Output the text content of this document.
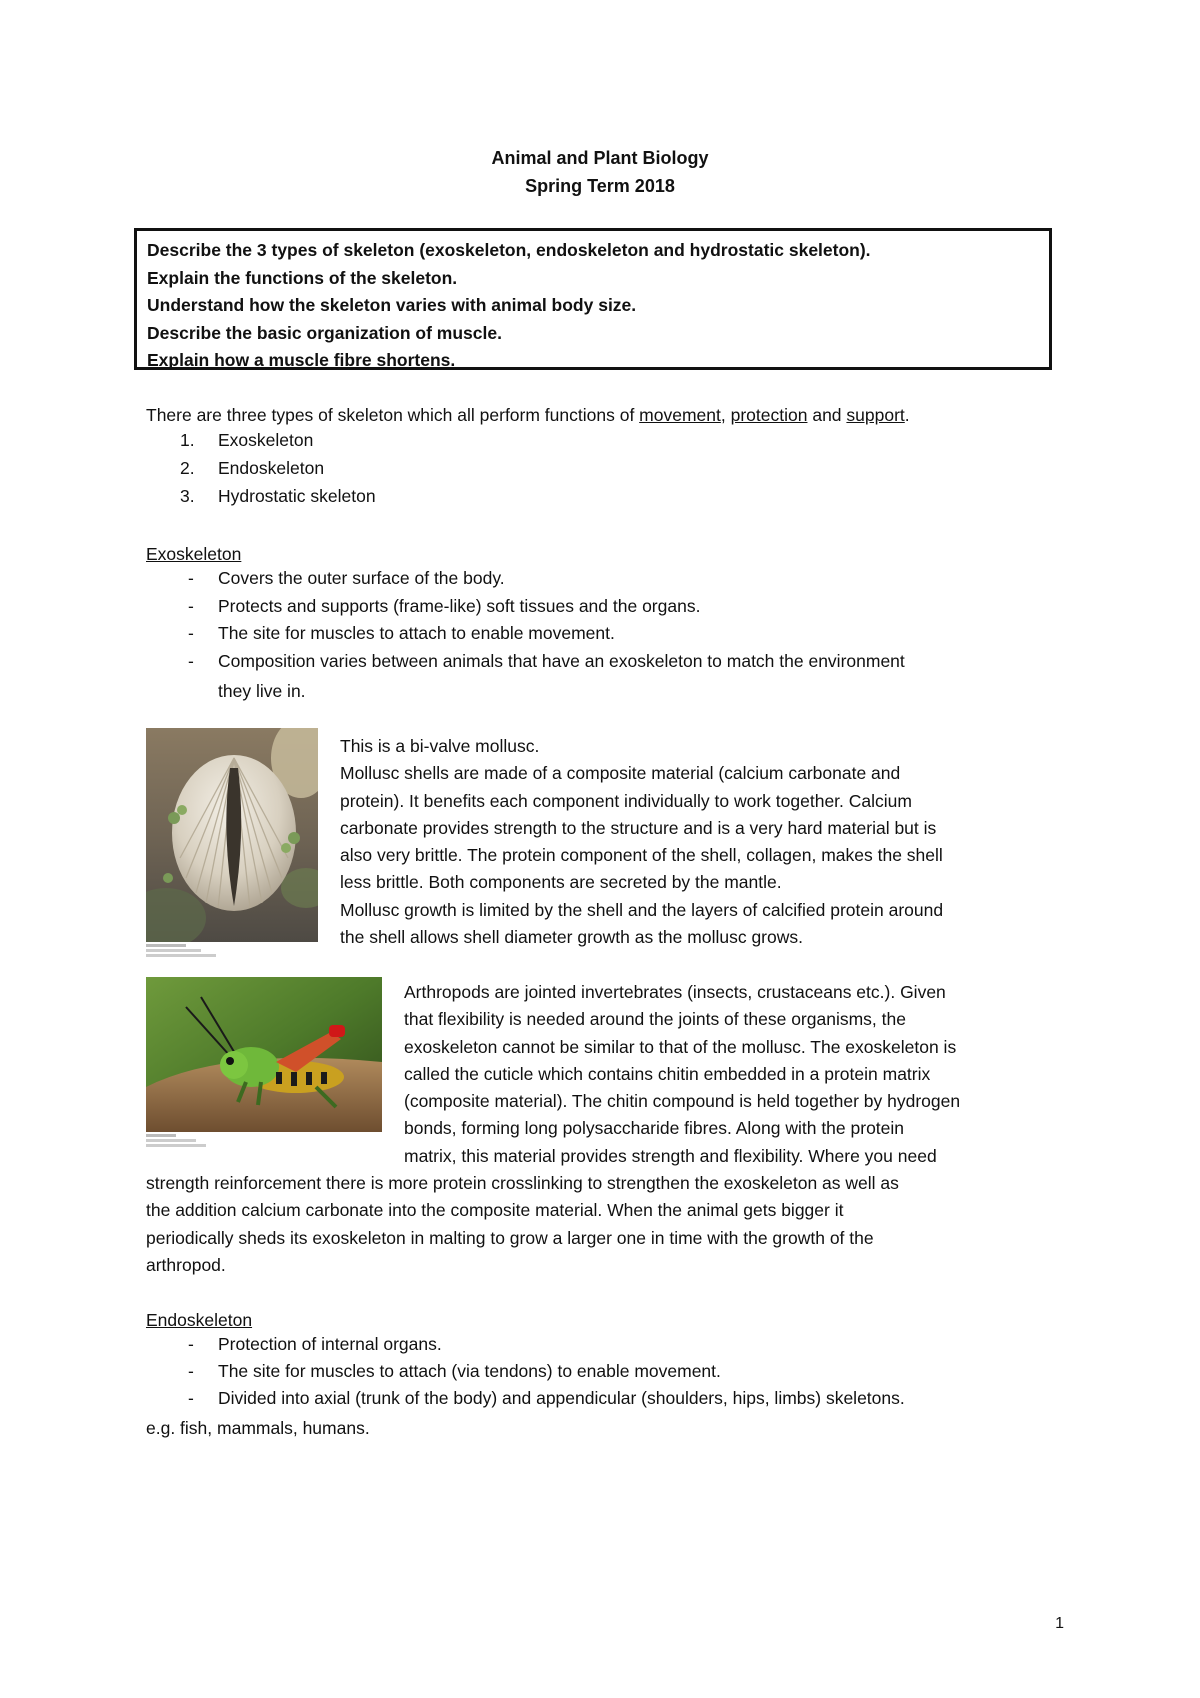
Animal and Plant Biology
Spring Term 2018
Describe the 3 types of skeleton (exoskeleton, endoskeleton and hydrostatic skeleton).
Explain the functions of the skeleton.
Understand how the skeleton varies with animal body size.
Describe the basic organization of muscle.
Explain how a muscle fibre shortens.
There are three types of skeleton which all perform functions of movement, protection and support.
1. Exoskeleton
2. Endoskeleton
3. Hydrostatic skeleton
Exoskeleton
- Covers the outer surface of the body.
- Protects and supports (frame-like) soft tissues and the organs.
- The site for muscles to attach to enable movement.
- Composition varies between animals that have an exoskeleton to match the environment
they live in.
This is a bi-valve mollusc.
Mollusc shells are made of a composite material (calcium carbonate and
protein). It benefits each component individually to work together. Calcium
carbonate provides strength to the structure and is a very hard material but is
also very brittle. The protein component of the shell, collagen, makes the shell
less brittle. Both components are secreted by the mantle.
Mollusc growth is limited by the shell and the layers of calcified protein around
the shell allows shell diameter growth as the mollusc grows.
Arthropods are jointed invertebrates (insects, crustaceans etc.). Given
that flexibility is needed around the joints of these organisms, the
exoskeleton cannot be similar to that of the mollusc. The exoskeleton is
called the cuticle which contains chitin embedded in a protein matrix
(composite material). The chitin compound is held together by hydrogen
bonds, forming long polysaccharide fibres. Along with the protein
matrix, this material provides strength and flexibility. Where you need
strength reinforcement there is more protein crosslinking to strengthen the exoskeleton as well as
the addition calcium carbonate into the composite material. When the animal gets bigger it
periodically sheds its exoskeleton in malting to grow a larger one in time with the growth of the
arthropod.
Endoskeleton
- Protection of internal organs.
- The site for muscles to attach (via tendons) to enable movement.
- Divided into axial (trunk of the body) and appendicular (shoulders, hips, limbs) skeletons.
e.g. fish, mammals, humans.
1
